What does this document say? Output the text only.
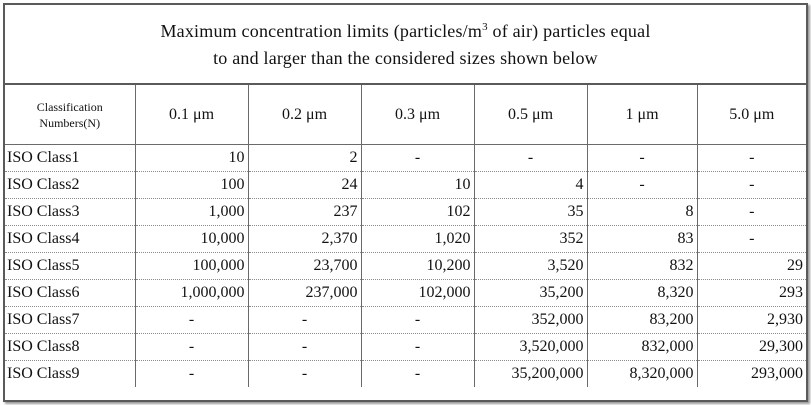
Maximum concentration limits ($particles/m^3$ of air) particles equal
to and larger than the considered sizes shown below
Classification
Numbers(N)	0.1 μm	0.2 μm	0.3 μm	0.5 μm	1 μm	5.0 μm
ISO Class1	10	2	-	-	-	-
ISO Class2	100	24	10	4	-	-
ISO Class3	1,000	237	102	35	8	-
ISO Class4	10,000	2,370	1,020	352	83	-
ISO Class5	100,000	23,700	10,200	3,520	832	29
ISO Class6	1,000,000	237,000	102,000	35,200	8,320	293
ISO Class7	-	-	-	352,000	83,200	2,930
ISO Class8	-	-	-	3,520,000	832,000	29,300
ISO Class9	-	-	-	35,200,000	8,320,000	293,000
